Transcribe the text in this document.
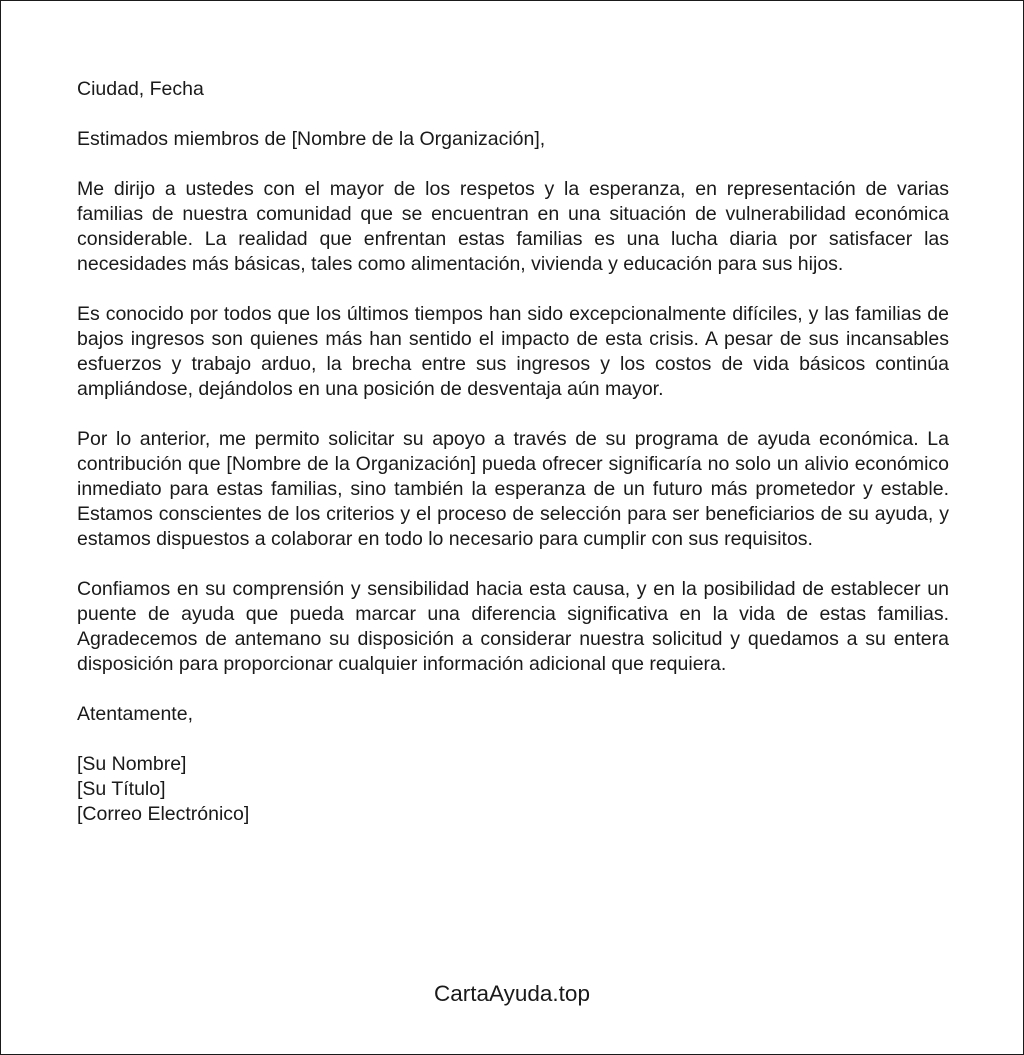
Ciudad, Fecha

Estimados miembros de [Nombre de la Organización],

Me dirijo a ustedes con el mayor de los respetos y la esperanza, en representación de varias familias de nuestra comunidad que se encuentran en una situación de vulnerabilidad económica considerable. La realidad que enfrentan estas familias es una lucha diaria por satisfacer las necesidades más básicas, tales como alimentación, vivienda y educación para sus hijos.

Es conocido por todos que los últimos tiempos han sido excepcionalmente difíciles, y las familias de bajos ingresos son quienes más han sentido el impacto de esta crisis. A pesar de sus incansables esfuerzos y trabajo arduo, la brecha entre sus ingresos y los costos de vida básicos continúa ampliándose, dejándolos en una posición de desventaja aún mayor.

Por lo anterior, me permito solicitar su apoyo a través de su programa de ayuda económica. La contribución que [Nombre de la Organización] pueda ofrecer significaría no solo un alivio económico inmediato para estas familias, sino también la esperanza de un futuro más prometedor y estable. Estamos conscientes de los criterios y el proceso de selección para ser beneficiarios de su ayuda, y estamos dispuestos a colaborar en todo lo necesario para cumplir con sus requisitos.

Confiamos en su comprensión y sensibilidad hacia esta causa, y en la posibilidad de establecer un puente de ayuda que pueda marcar una diferencia significativa en la vida de estas familias. Agradecemos de antemano su disposición a considerar nuestra solicitud y quedamos a su entera disposición para proporcionar cualquier información adicional que requiera.

Atentamente,

[Su Nombre]
[Su Título]
[Correo Electrónico]
CartaAyuda.top
